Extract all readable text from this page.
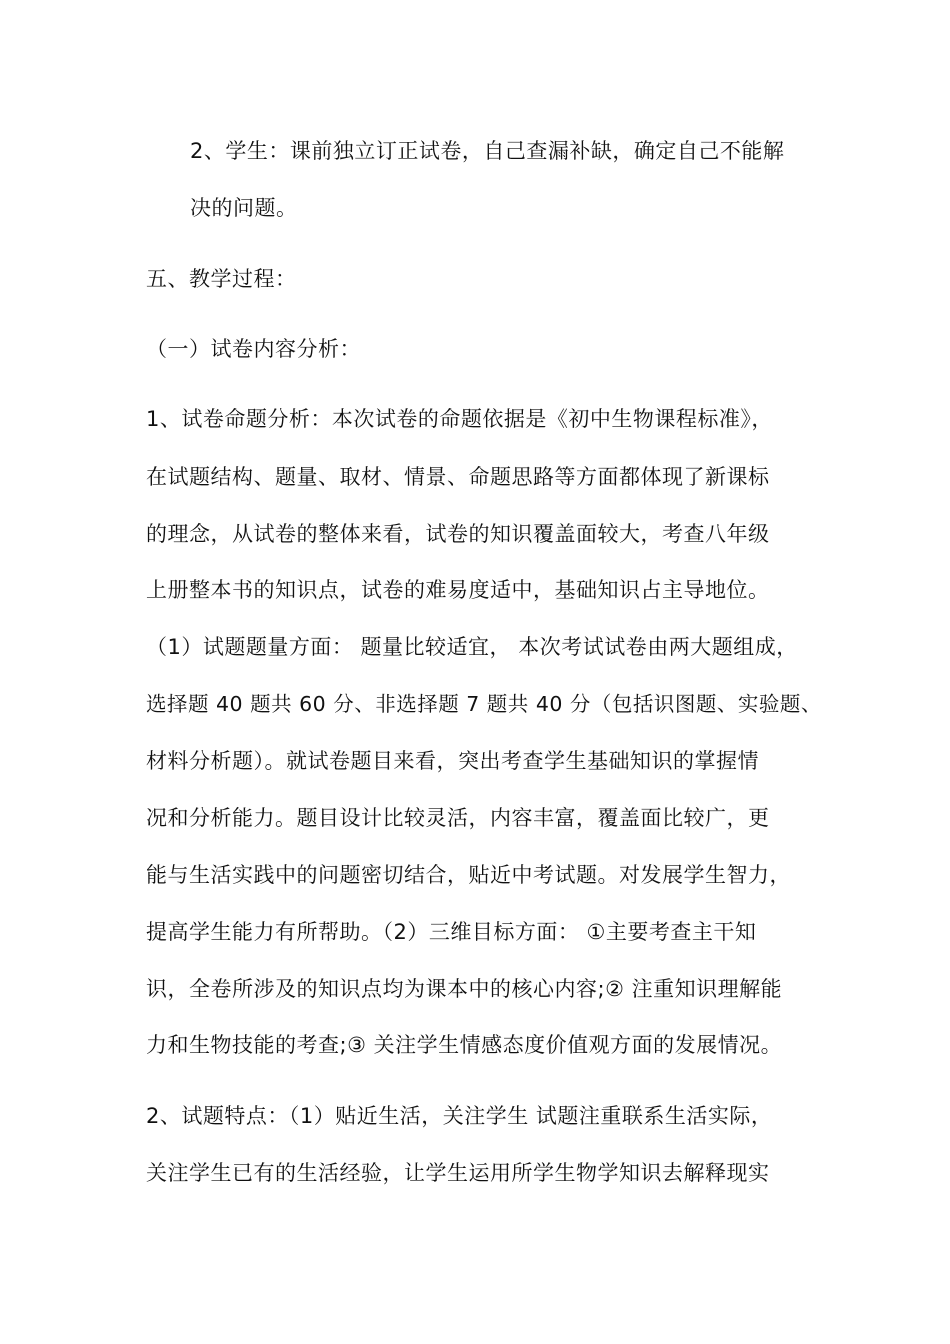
2、学生：课前独立订正试卷，自己查漏补缺，确定自己不能解
决的问题。
五、教学过程：
（一）试卷内容分析：
1、试卷命题分析：本次试卷的命题依据是《初中生物课程标准》，
在试题结构、题量、取材、情景、命题思路等方面都体现了新课标
的理念，从试卷的整体来看，试卷的知识覆盖面较大，考查八年级
上册整本书的知识点，试卷的难易度适中，基础知识占主导地位。
（1）试题题量方面： 题量比较适宜， 本次考试试卷由两大题组成，
选择题 40 题共 60 分、非选择题 7 题共 40 分（包括识图题、实验题、
材料分析题）。就试卷题目来看，突出考查学生基础知识的掌握情
况和分析能力。题目设计比较灵活，内容丰富，覆盖面比较广，更
能与生活实践中的问题密切结合，贴近中考试题。对发展学生智力，
提高学生能力有所帮助。（2）三维目标方面： ①主要考查主干知
识，全卷所涉及的知识点均为课本中的核心内容;② 注重知识理解能
力和生物技能的考查;③ 关注学生情感态度价值观方面的发展情况。
2、试题特点：（1）贴近生活，关注学生 试题注重联系生活实际，
关注学生已有的生活经验，让学生运用所学生物学知识去解释现实
